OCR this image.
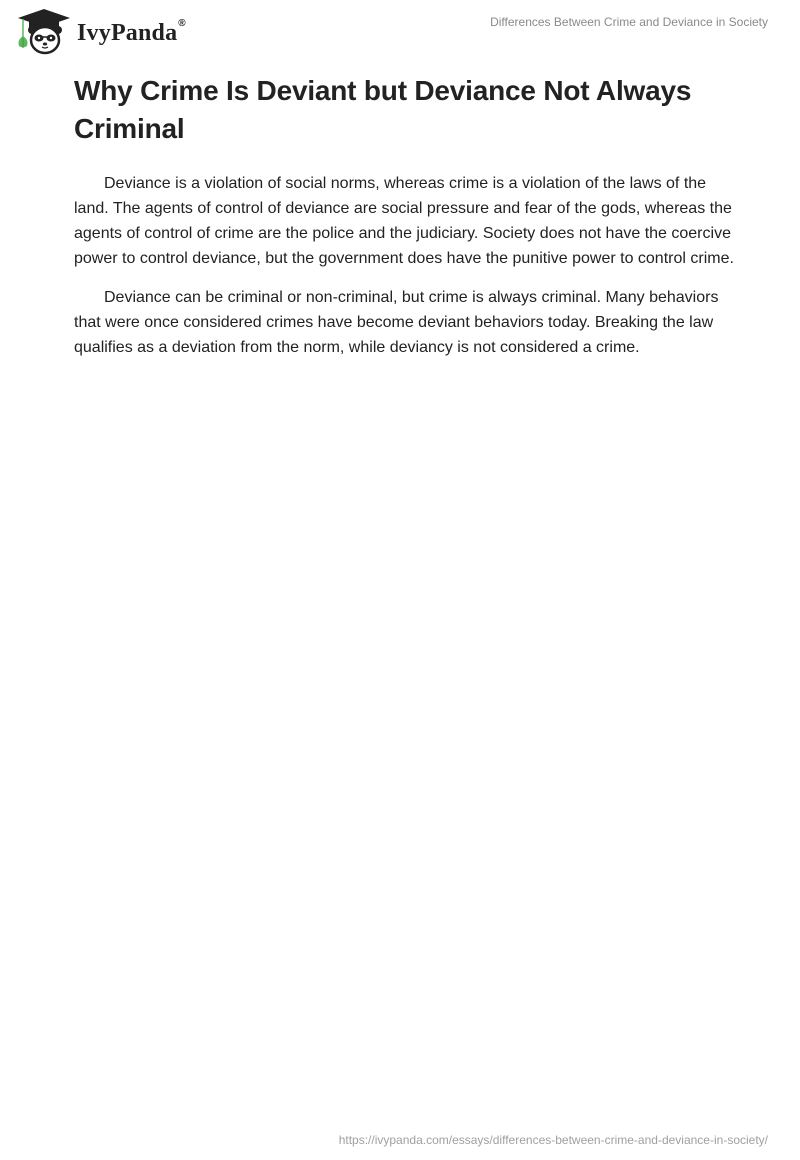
IvyPanda®	Differences Between Crime and Deviance in Society
Why Crime Is Deviant but Deviance Not Always Criminal

Deviance is a violation of social norms, whereas crime is a violation of the laws of the land. The agents of control of deviance are social pressure and fear of the gods, whereas the agents of control of crime are the police and the judiciary. Society does not have the coercive power to control deviance, but the government does have the punitive power to control crime.

Deviance can be criminal or non-criminal, but crime is always criminal. Many behaviors that were once considered crimes have become deviant behaviors today. Breaking the law qualifies as a deviation from the norm, while deviancy is not considered a crime.

https://ivypanda.com/essays/differences-between-crime-and-deviance-in-society/
